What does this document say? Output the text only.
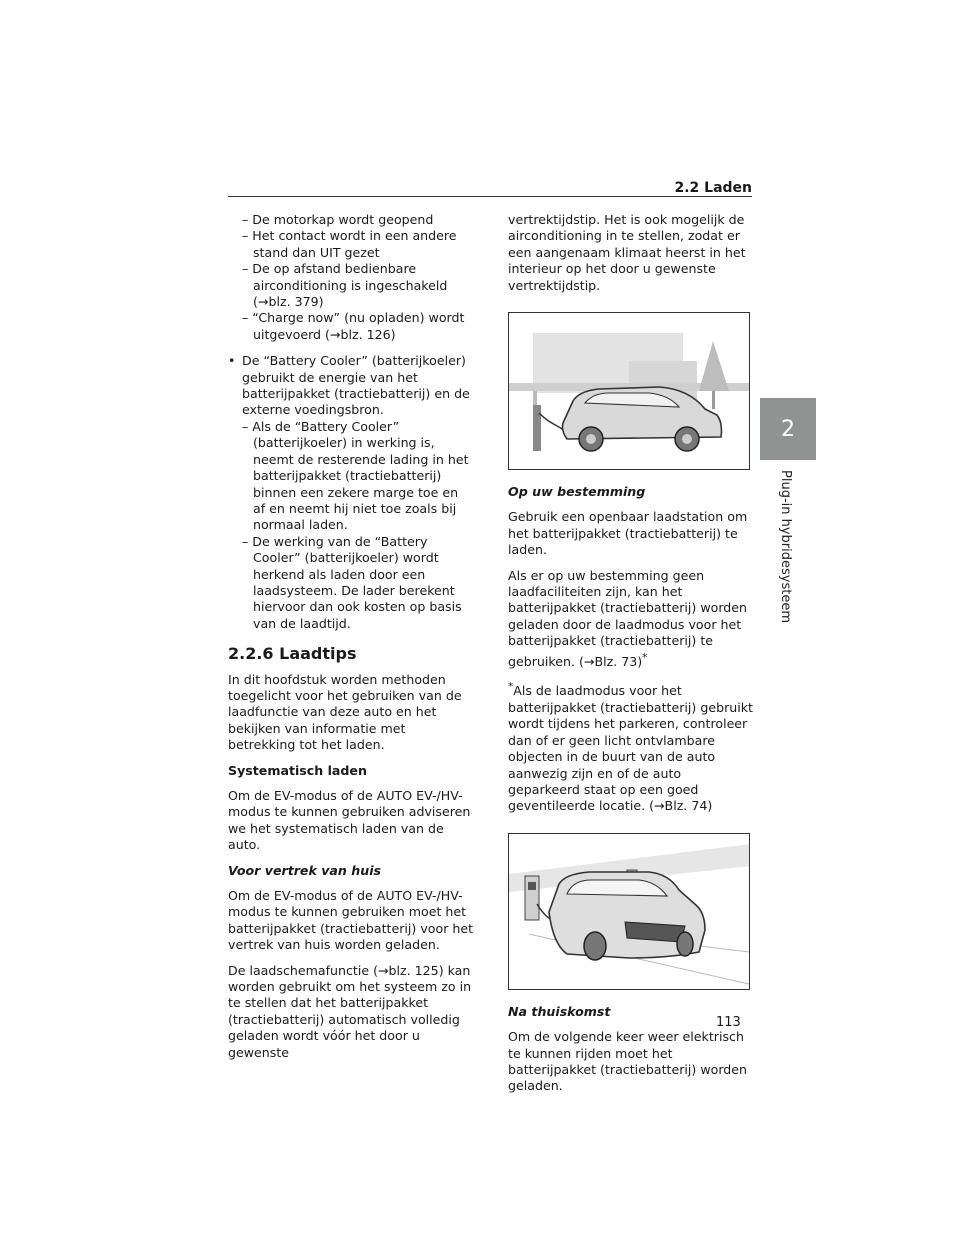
2.2 Laden
2
Plug-in hybridesysteem
– De motorkap wordt geopend
– Het contact wordt in een andere stand dan UIT gezet
– De op afstand bedienbare airconditioning is ingeschakeld (→blz. 379)
– “Charge now” (nu opladen) wordt uitgevoerd (→blz. 126)
• De “Battery Cooler” (batterijkoeler) gebruikt de energie van het batterijpakket (tractiebatterij) en de externe voedingsbron.
– Als de “Battery Cooler” (batterijkoeler) in werking is, neemt de resterende lading in het batterijpakket (tractiebatterij) binnen een zekere marge toe en af en neemt hij niet toe zoals bij normaal laden.
– De werking van de “Battery Cooler” (batterijkoeler) wordt herkend als laden door een laadsysteem. De lader berekent hiervoor dan ook kosten op basis van de laadtijd.
2.2.6 Laadtips
In dit hoofdstuk worden methoden toegelicht voor het gebruiken van de laadfunctie van deze auto en het bekijken van informatie met betrekking tot het laden.
Systematisch laden
Om de EV-modus of de AUTO EV-/HV-modus te kunnen gebruiken adviseren we het systematisch laden van de auto.
Voor vertrek van huis
Om de EV-modus of de AUTO EV-/HV-modus te kunnen gebruiken moet het batterijpakket (tractiebatterij) voor het vertrek van huis worden geladen.
De laadschemafunctie (→blz. 125) kan worden gebruikt om het systeem zo in te stellen dat het batterijpakket (tractiebatterij) automatisch volledig geladen wordt vóór het door u gewenste
vertrektijdstip. Het is ook mogelijk de airconditioning in te stellen, zodat er een aangenaam klimaat heerst in het interieur op het door u gewenste vertrektijdstip.
Op uw bestemming
Gebruik een openbaar laadstation om het batterijpakket (tractiebatterij) te laden.
Als er op uw bestemming geen laadfaciliteiten zijn, kan het batterijpakket (tractiebatterij) worden geladen door de laadmodus voor het batterijpakket (tractiebatterij) te gebruiken. (→Blz. 73)*
*Als de laadmodus voor het batterijpakket (tractiebatterij) gebruikt wordt tijdens het parkeren, controleer dan of er geen licht ontvlambare objecten in de buurt van de auto aanwezig zijn en of de auto geparkeerd staat op een goed geventileerde locatie. (→Blz. 74)
Na thuiskomst
Om de volgende keer weer elektrisch te kunnen rijden moet het batterijpakket (tractiebatterij) worden geladen.
113
